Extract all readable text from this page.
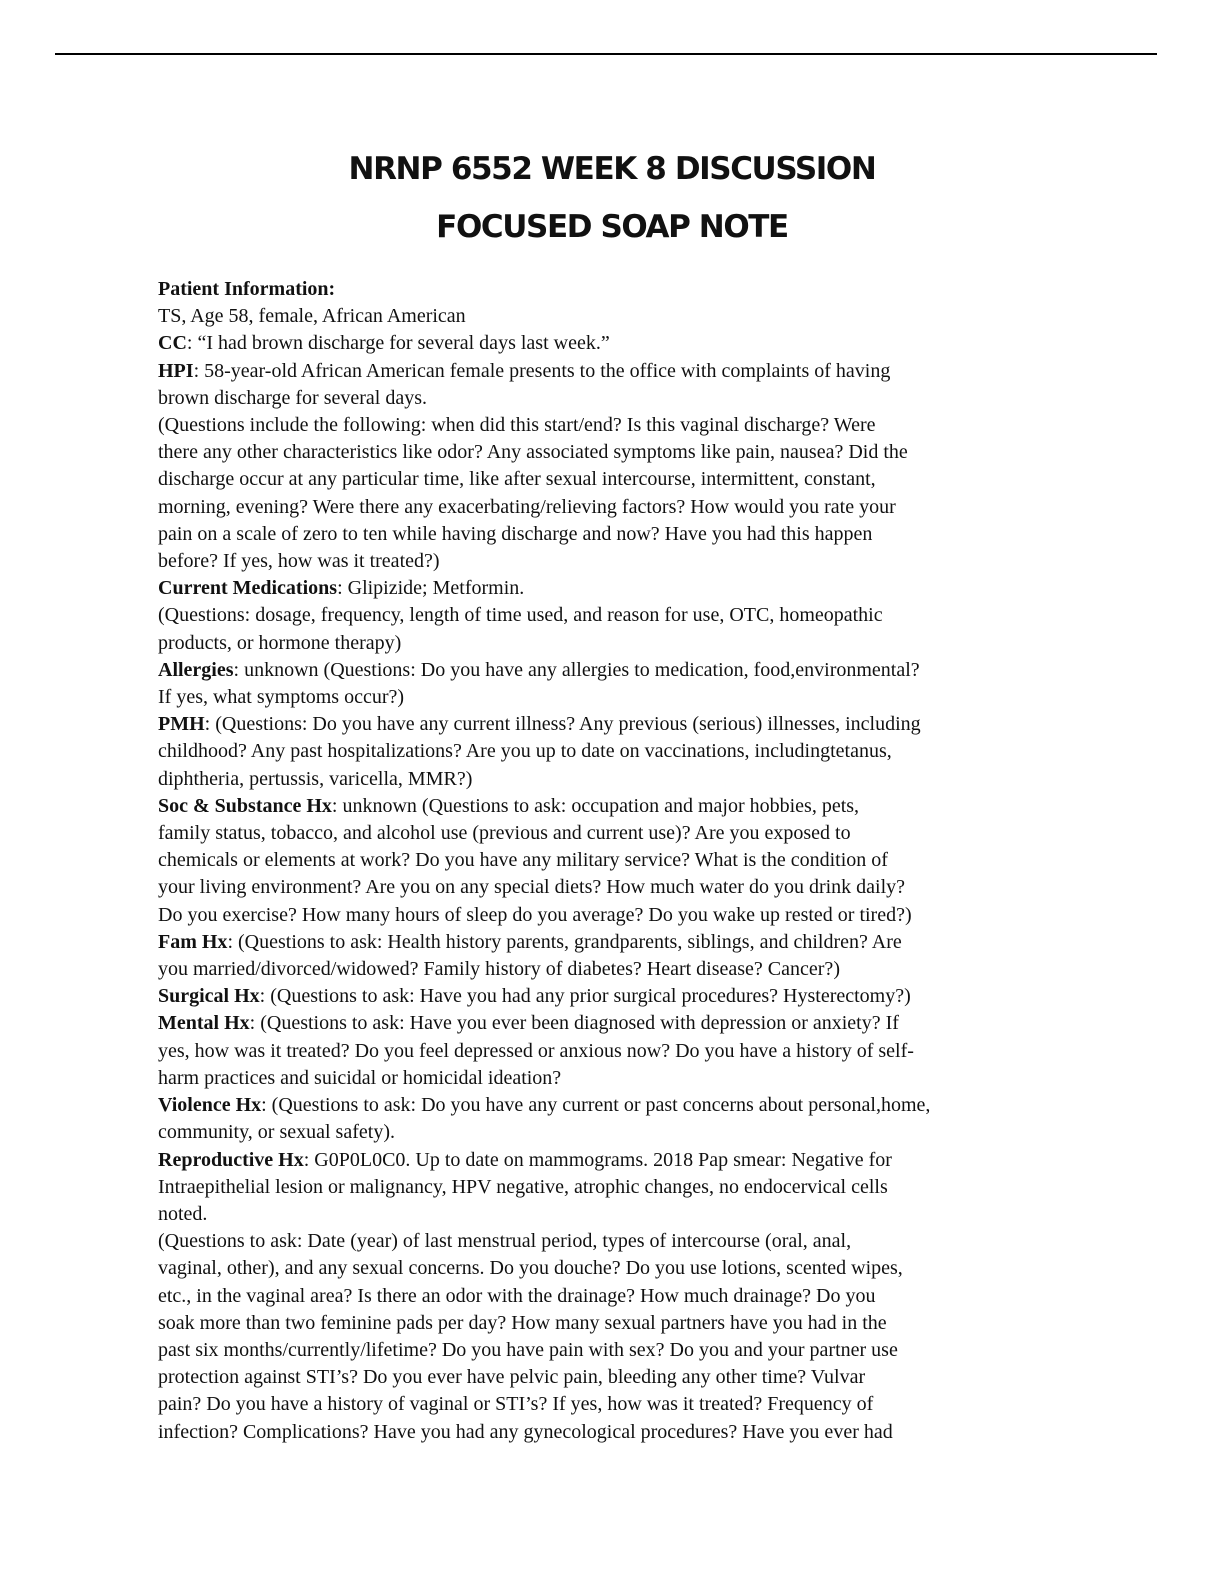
NRNP 6552 WEEK 8 DISCUSSION
FOCUSED SOAP NOTE

Patient Information:

TS, Age 58, female, African American

CC: “I had brown discharge for several days last week.”

HPI: 58-year-old African American female presents to the office with complaints of having

brown discharge for several days.

(Questions include the following: when did this start/end? Is this vaginal discharge? Were

there any other characteristics like odor? Any associated symptoms like pain, nausea? Did the

discharge occur at any particular time, like after sexual intercourse, intermittent, constant,

morning, evening? Were there any exacerbating/relieving factors? How would you rate your

pain on a scale of zero to ten while having discharge and now? Have you had this happen

before? If yes, how was it treated?)

Current Medications: Glipizide; Metformin.

(Questions: dosage, frequency, length of time used, and reason for use, OTC, homeopathic

products, or hormone therapy)

Allergies: unknown (Questions: Do you have any allergies to medication, food,environmental?

If yes, what symptoms occur?)

PMH: (Questions: Do you have any current illness? Any previous (serious) illnesses, including

childhood? Any past hospitalizations? Are you up to date on vaccinations, includingtetanus,

diphtheria, pertussis, varicella, MMR?)

Soc & Substance Hx: unknown (Questions to ask: occupation and major hobbies, pets,

family status, tobacco, and alcohol use (previous and current use)? Are you exposed to

chemicals or elements at work? Do you have any military service? What is the condition of

your living environment? Are you on any special diets? How much water do you drink daily?

Do you exercise? How many hours of sleep do you average? Do you wake up rested or tired?)

Fam Hx: (Questions to ask: Health history parents, grandparents, siblings, and children? Are

you married/divorced/widowed? Family history of diabetes? Heart disease? Cancer?)

Surgical Hx: (Questions to ask: Have you had any prior surgical procedures? Hysterectomy?)

Mental Hx: (Questions to ask: Have you ever been diagnosed with depression or anxiety? If

yes, how was it treated? Do you feel depressed or anxious now? Do you have a history of self-

harm practices and suicidal or homicidal ideation?

Violence Hx: (Questions to ask: Do you have any current or past concerns about personal,home,

community, or sexual safety).

Reproductive Hx: G0P0L0C0. Up to date on mammograms. 2018 Pap smear: Negative for

Intraepithelial lesion or malignancy, HPV negative, atrophic changes, no endocervical cells

noted.

(Questions to ask: Date (year) of last menstrual period, types of intercourse (oral, anal,

vaginal, other), and any sexual concerns. Do you douche? Do you use lotions, scented wipes,

etc., in the vaginal area? Is there an odor with the drainage? How much drainage? Do you

soak more than two feminine pads per day? How many sexual partners have you had in the

past six months/currently/lifetime? Do you have pain with sex? Do you and your partner use

protection against STI’s? Do you ever have pelvic pain, bleeding any other time? Vulvar

pain? Do you have a history of vaginal or STI’s? If yes, how was it treated? Frequency of

infection? Complications? Have you had any gynecological procedures? Have you ever had
